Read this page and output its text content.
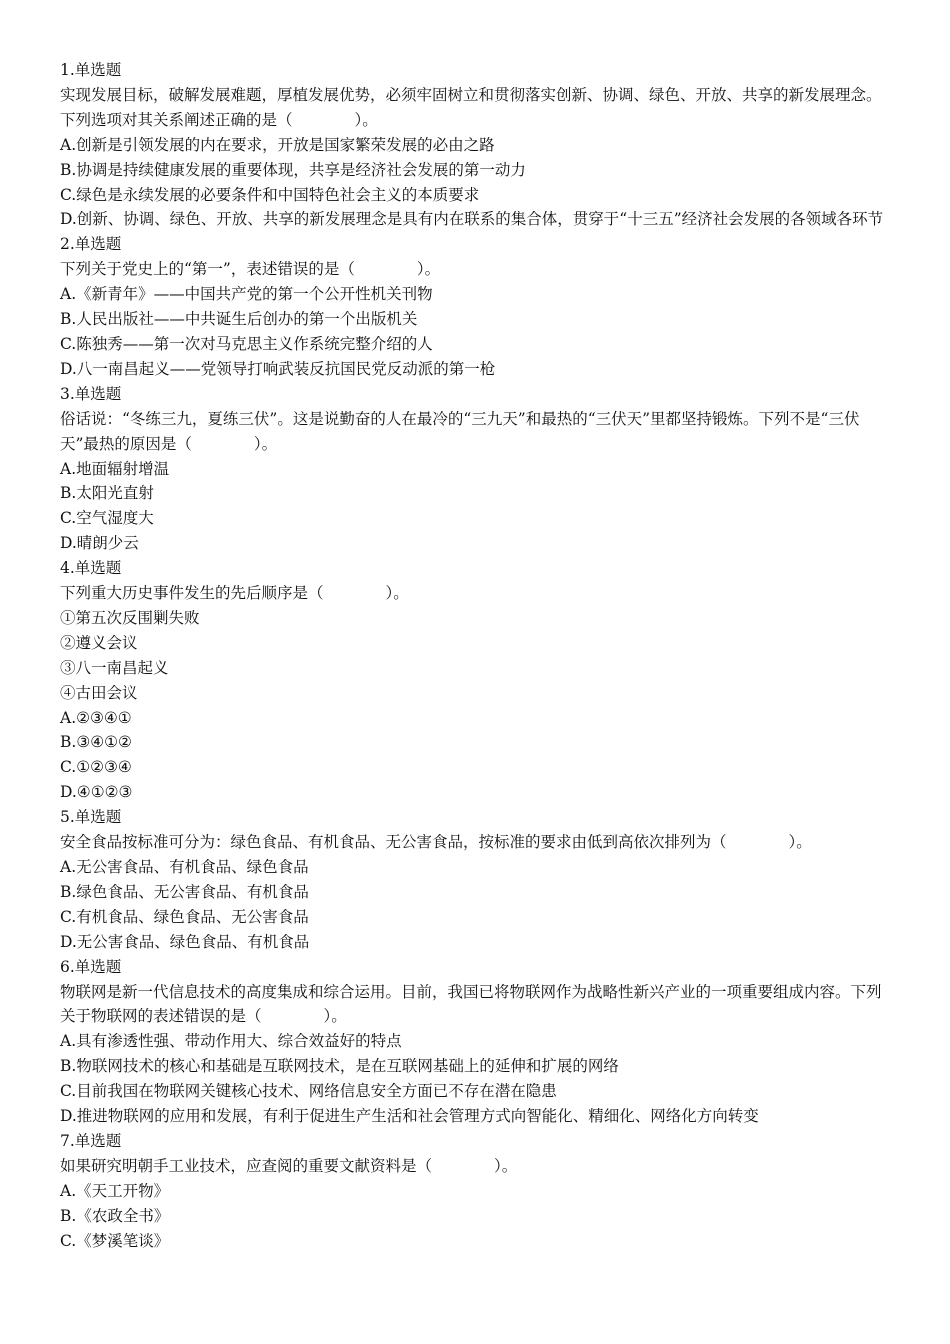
1.单选题
实现发展目标，破解发展难题，厚植发展优势，必须牢固树立和贯彻落实创新、协调、绿色、开放、共享的新发展理念。下列选项对其关系阐述正确的是（　　　　）。
A.创新是引领发展的内在要求，开放是国家繁荣发展的必由之路
B.协调是持续健康发展的重要体现，共享是经济社会发展的第一动力
C.绿色是永续发展的必要条件和中国特色社会主义的本质要求
D.创新、协调、绿色、开放、共享的新发展理念是具有内在联系的集合体，贯穿于“十三五”经济社会发展的各领域各环节
2.单选题
下列关于党史上的“第一”，表述错误的是（　　　　）。
A.《新青年》——中国共产党的第一个公开性机关刊物
B.人民出版社——中共诞生后创办的第一个出版机关
C.陈独秀——第一次对马克思主义作系统完整介绍的人
D.八一南昌起义——党领导打响武装反抗国民党反动派的第一枪
3.单选题
俗话说：“冬练三九，夏练三伏”。这是说勤奋的人在最冷的“三九天”和最热的“三伏天”里都坚持锻炼。下列不是“三伏天”最热的原因是（　　　　）。
A.地面辐射增温
B.太阳光直射
C.空气湿度大
D.晴朗少云
4.单选题
下列重大历史事件发生的先后顺序是（　　　　）。
①第五次反围剿失败
②遵义会议
③八一南昌起义
④古田会议
A.②③④①
B.③④①②
C.①②③④
D.④①②③
5.单选题
安全食品按标准可分为：绿色食品、有机食品、无公害食品，按标准的要求由低到高依次排列为（　　　　）。
A.无公害食品、有机食品、绿色食品
B.绿色食品、无公害食品、有机食品
C.有机食品、绿色食品、无公害食品
D.无公害食品、绿色食品、有机食品
6.单选题
物联网是新一代信息技术的高度集成和综合运用。目前，我国已将物联网作为战略性新兴产业的一项重要组成内容。下列关于物联网的表述错误的是（　　　　）。
A.具有渗透性强、带动作用大、综合效益好的特点
B.物联网技术的核心和基础是互联网技术，是在互联网基础上的延伸和扩展的网络
C.目前我国在物联网关键核心技术、网络信息安全方面已不存在潜在隐患
D.推进物联网的应用和发展，有利于促进生产生活和社会管理方式向智能化、精细化、网络化方向转变
7.单选题
如果研究明朝手工业技术，应查阅的重要文献资料是（　　　　）。
A.《天工开物》
B.《农政全书》
C.《梦溪笔谈》
